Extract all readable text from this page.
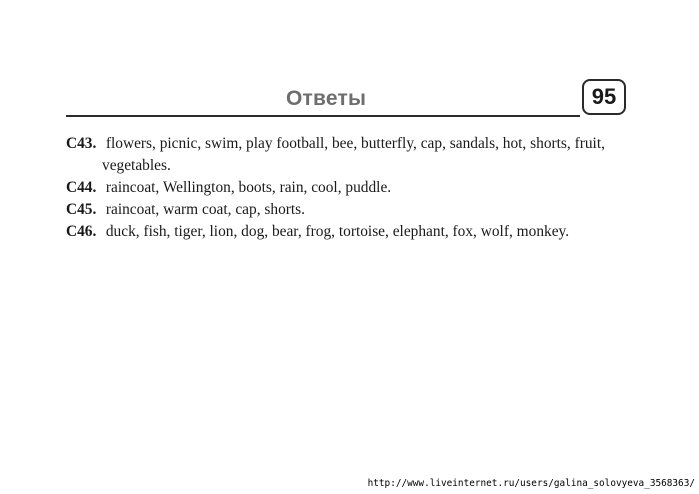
Ответы	95

C43. flowers, picnic, swim, play football, bee, butterfly, cap, sandals, hot, shorts, fruit, vegetables.

C44. raincoat, Wellington, boots, rain, cool, puddle.

C45. raincoat, warm coat, cap, shorts.

C46. duck, fish, tiger, lion, dog, bear, frog, tortoise, elephant, fox, wolf, monkey.

http://www.liveinternet.ru/users/galina_solovyeva_3568363/
